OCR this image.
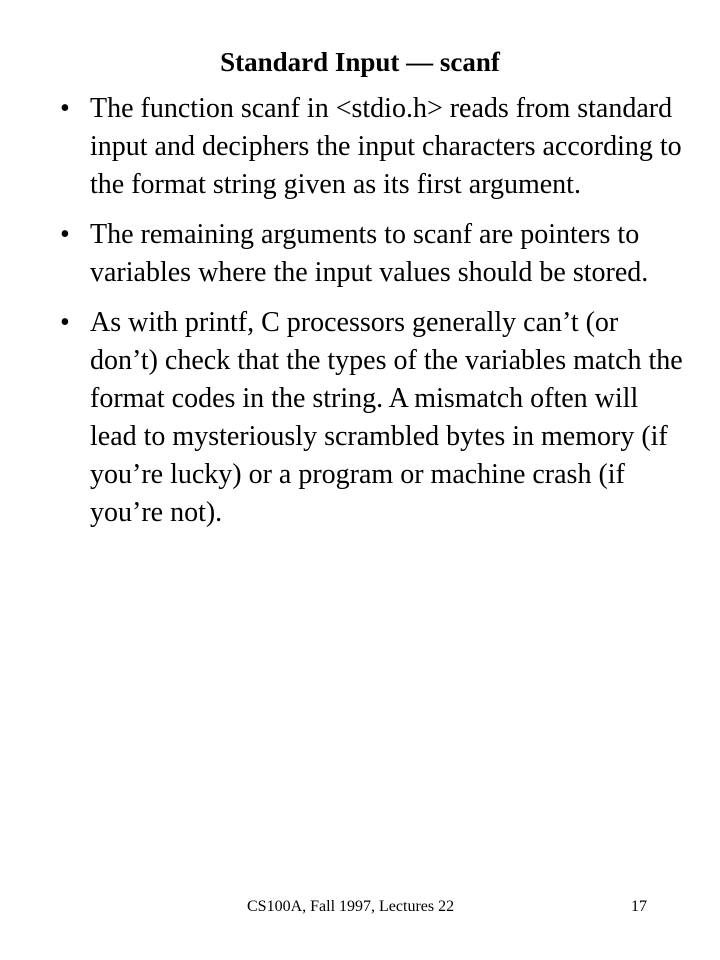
Standard Input — scanf
• The function scanf in <stdio.h> reads from standard input and deciphers the input characters according to the format string given as its first argument.
• The remaining arguments to scanf are pointers to variables where the input values should be stored.
• As with printf, C processors generally can’t (or don’t) check that the types of the variables match the format codes in the string. A mismatch often will lead to mysteriously scrambled bytes in memory (if you’re lucky) or a program or machine crash (if you’re not).
CS100A, Fall 1997, Lectures 22	17
